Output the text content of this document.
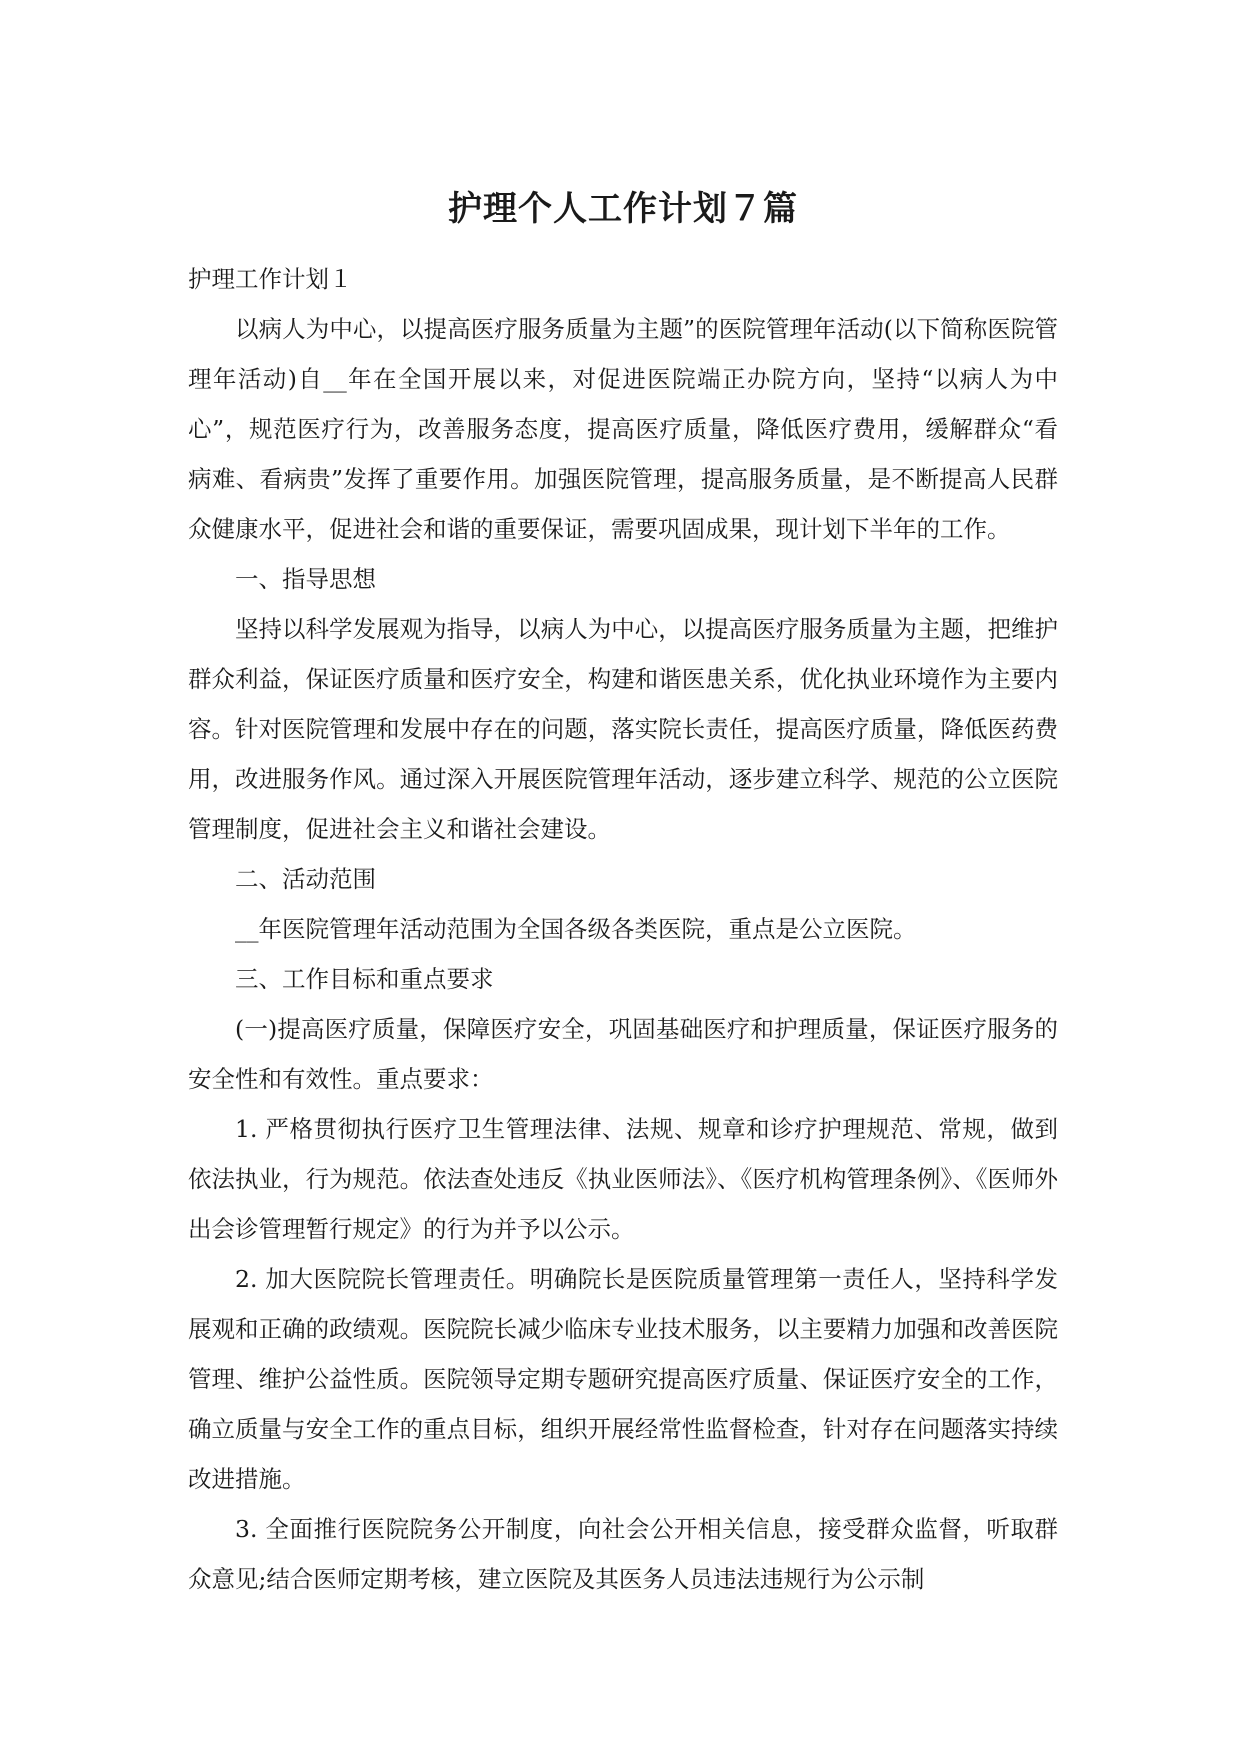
护理个人工作计划７篇

护理工作计划１

以病人为中心，以提高医疗服务质量为主题”的医院管理年活动(以下简称医院管理年活动)自__年在全国开展以来，对促进医院端正办院方向，坚持“以病人为中心”，规范医疗行为，改善服务态度，提高医疗质量，降低医疗费用，缓解群众“看病难、看病贵”发挥了重要作用。加强医院管理，提高服务质量，是不断提高人民群众健康水平，促进社会和谐的重要保证，需要巩固成果，现计划下半年的工作。

一、指导思想

坚持以科学发展观为指导，以病人为中心，以提高医疗服务质量为主题，把维护群众利益，保证医疗质量和医疗安全，构建和谐医患关系，优化执业环境作为主要内容。针对医院管理和发展中存在的问题，落实院长责任，提高医疗质量，降低医药费用，改进服务作风。通过深入开展医院管理年活动，逐步建立科学、规范的公立医院管理制度，促进社会主义和谐社会建设。

二、活动范围

__年医院管理年活动范围为全国各级各类医院，重点是公立医院。

三、工作目标和重点要求

(一)提高医疗质量，保障医疗安全，巩固基础医疗和护理质量，保证医疗服务的安全性和有效性。重点要求：

1. 严格贯彻执行医疗卫生管理法律、法规、规章和诊疗护理规范、常规，做到依法执业，行为规范。依法查处违反《执业医师法》、《医疗机构管理条例》、《医师外出会诊管理暂行规定》的行为并予以公示。

2. 加大医院院长管理责任。明确院长是医院质量管理第一责任人，坚持科学发展观和正确的政绩观。医院院长减少临床专业技术服务，以主要精力加强和改善医院管理、维护公益性质。医院领导定期专题研究提高医疗质量、保证医疗安全的工作，确立质量与安全工作的重点目标，组织开展经常性监督检查，针对存在问题落实持续改进措施。

3. 全面推行医院院务公开制度，向社会公开相关信息，接受群众监督，听取群众意见;结合医师定期考核，建立医院及其医务人员违法违规行为公示制
